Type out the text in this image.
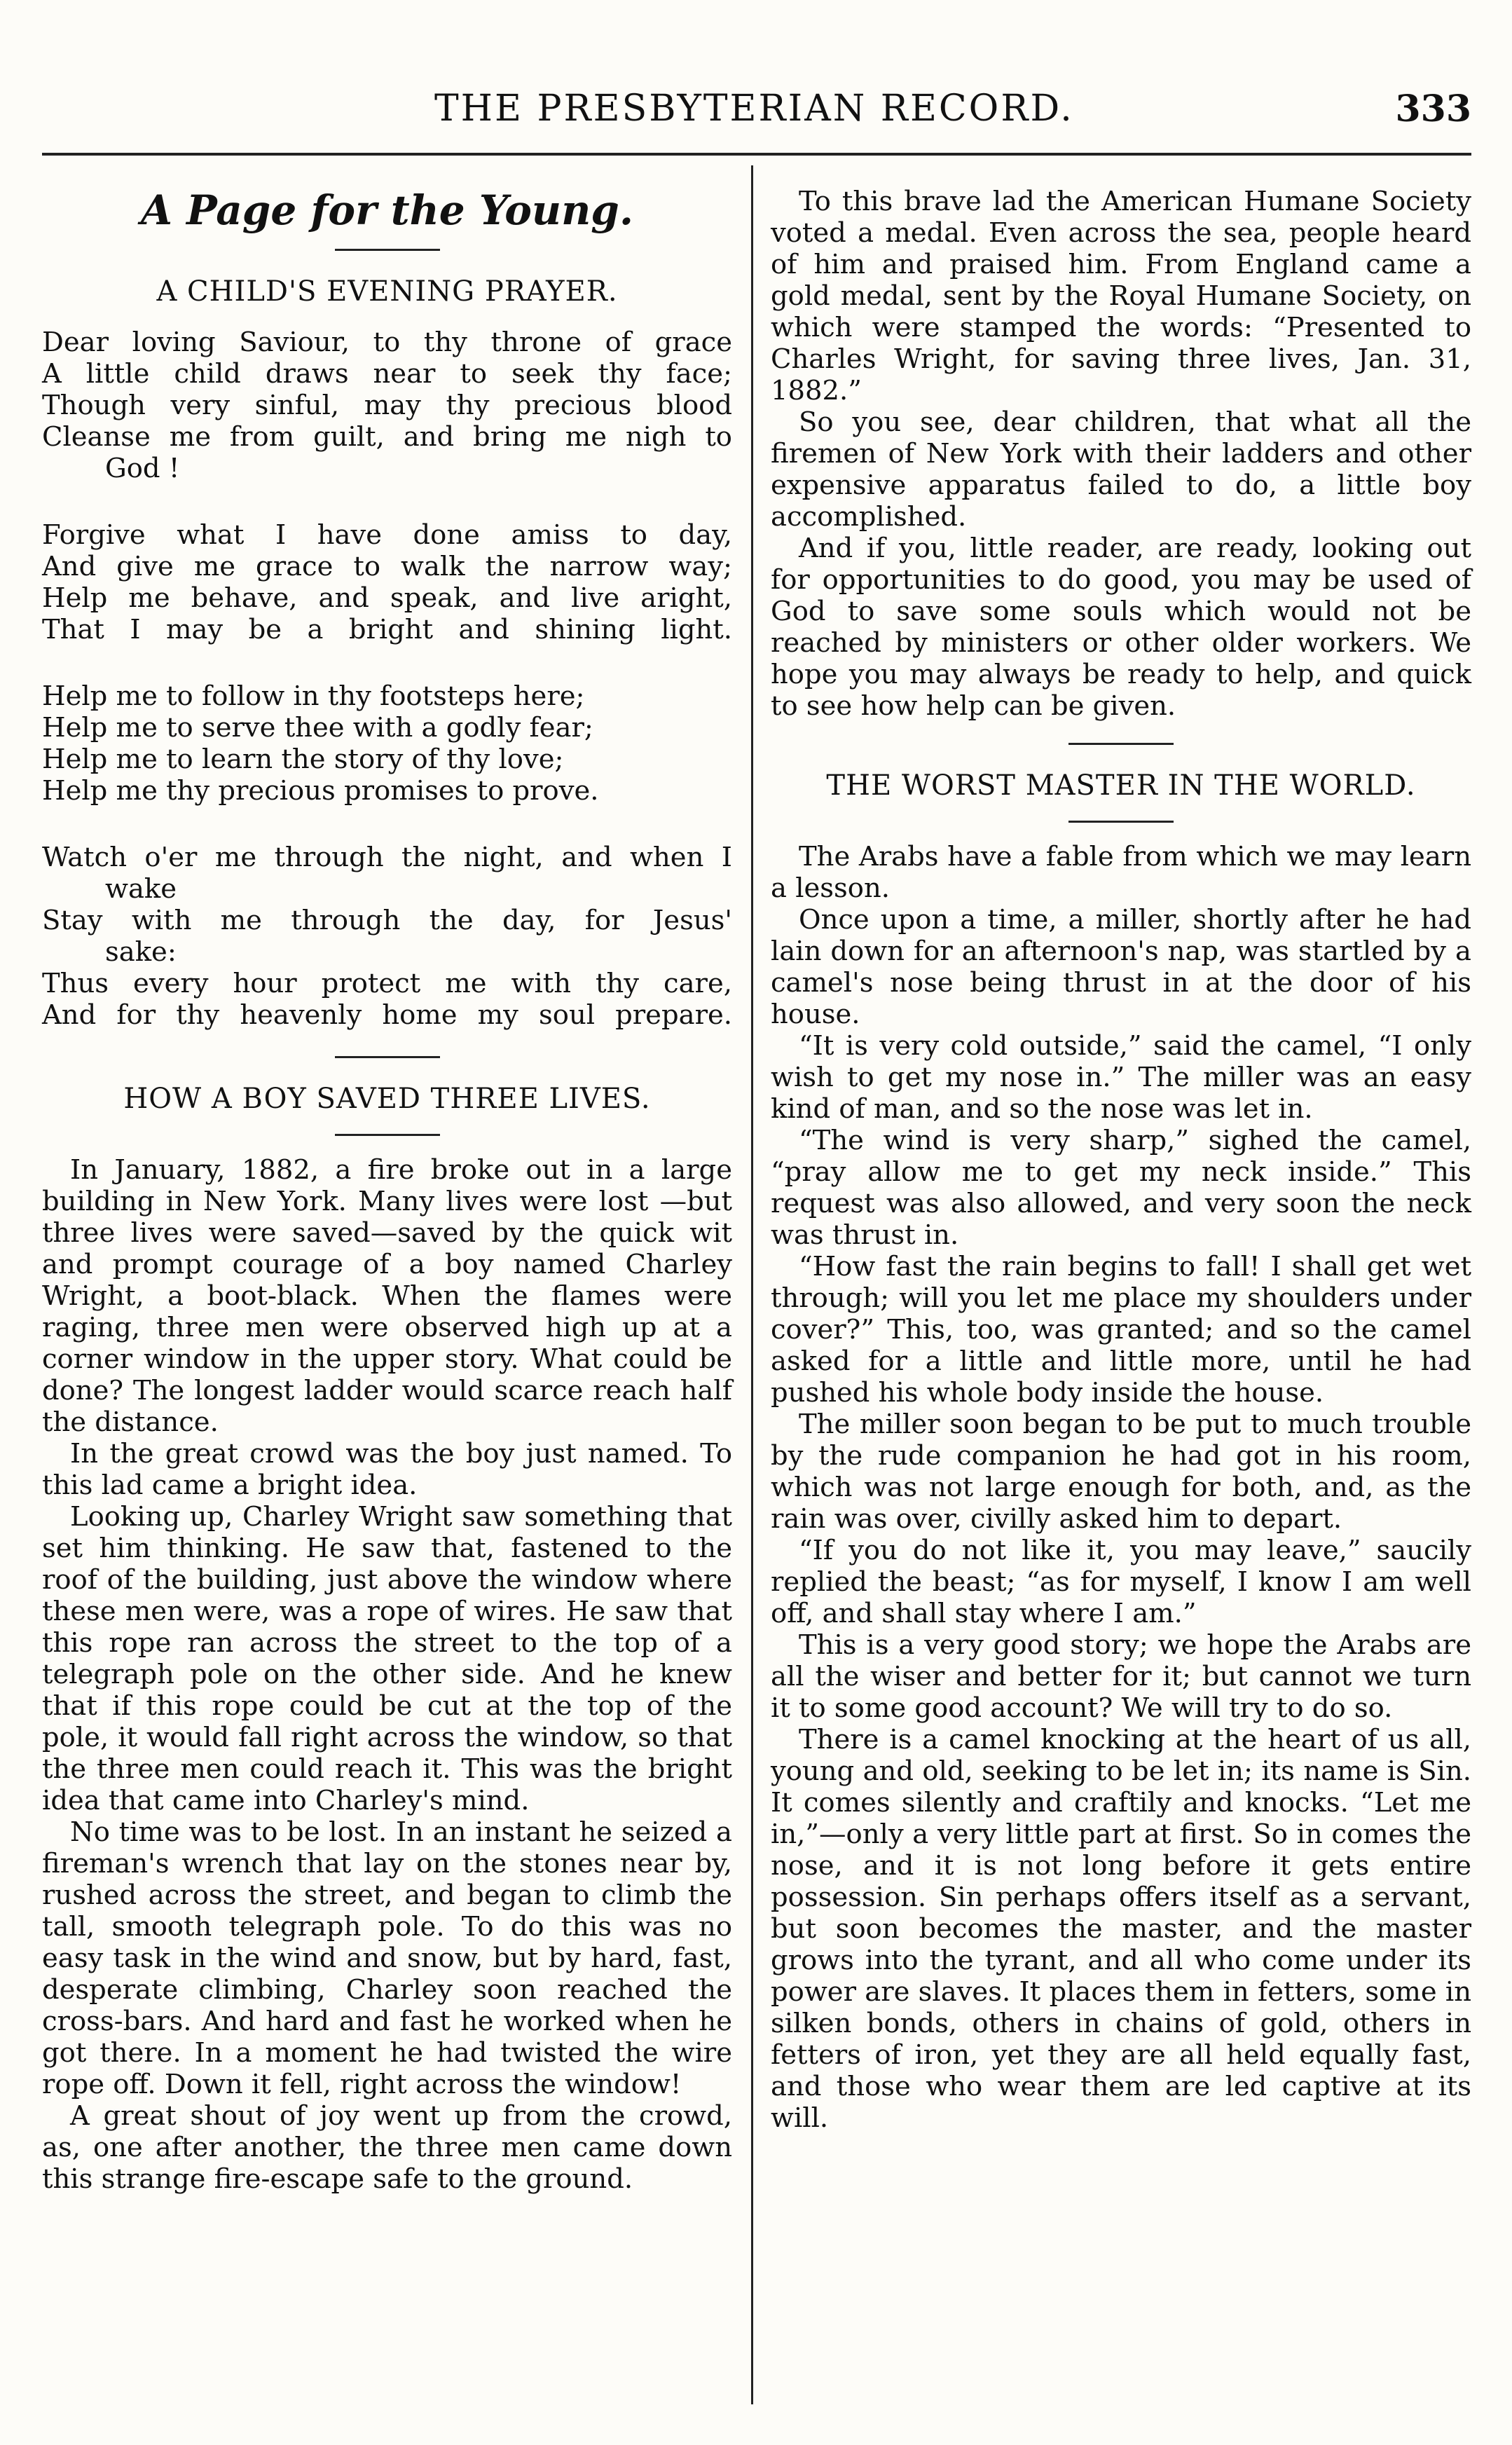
THE PRESBYTERIAN RECORD.	333
A Page for the Young.
A CHILD'S EVENING PRAYER.
Dear loving Saviour, to thy throne of grace
A little child draws near to seek thy face;
Though very sinful, may thy precious blood
Cleanse me from guilt, and bring me nigh to
God !
Forgive what I have done amiss to day,
And give me grace to walk the narrow way;
Help me behave, and speak, and live aright,
That I may be a bright and shining light.
Help me to follow in thy footsteps here;
Help me to serve thee with a godly fear;
Help me to learn the story of thy love;
Help me thy precious promises to prove.
Watch o'er me through the night, and when I
wake
Stay with me through the day, for Jesus'
sake:
Thus every hour protect me with thy care,
And for thy heavenly home my soul prepare.
HOW A BOY SAVED THREE LIVES.

In January, 1882, a fire broke out in a large building in New York. Many lives were lost —but three lives were saved—saved by the quick wit and prompt courage of a boy named Charley Wright, a boot-black. When the flames were raging, three men were observed high up at a corner window in the upper story. What could be done? The longest ladder would scarce reach half the distance.

In the great crowd was the boy just named. To this lad came a bright idea.

Looking up, Charley Wright saw something that set him thinking. He saw that, fastened to the roof of the building, just above the window where these men were, was a rope of wires. He saw that this rope ran across the street to the top of a telegraph pole on the other side. And he knew that if this rope could be cut at the top of the pole, it would fall right across the window, so that the three men could reach it. This was the bright idea that came into Charley's mind.

No time was to be lost. In an instant he seized a fireman's wrench that lay on the stones near by, rushed across the street, and began to climb the tall, smooth telegraph pole. To do this was no easy task in the wind and snow, but by hard, fast, desperate climbing, Charley soon reached the cross-bars. And hard and fast he worked when he got there. In a moment he had twisted the wire rope off. Down it fell, right across the window!

A great shout of joy went up from the crowd, as, one after another, the three men came down this strange fire-escape safe to the ground.

To this brave lad the American Humane Society voted a medal. Even across the sea, people heard of him and praised him. From England came a gold medal, sent by the Royal Humane Society, on which were stamped the words: “Presented to Charles Wright, for saving three lives, Jan. 31, 1882.”

So you see, dear children, that what all the firemen of New York with their ladders and other expensive apparatus failed to do, a little boy accomplished.

And if you, little reader, are ready, looking out for opportunities to do good, you may be used of God to save some souls which would not be reached by ministers or other older workers. We hope you may always be ready to help, and quick to see how help can be given.

THE WORST MASTER IN THE WORLD.

The Arabs have a fable from which we may learn a lesson.

Once upon a time, a miller, shortly after he had lain down for an afternoon's nap, was startled by a camel's nose being thrust in at the door of his house.

“It is very cold outside,” said the camel, “I only wish to get my nose in.” The miller was an easy kind of man, and so the nose was let in.

“The wind is very sharp,” sighed the camel, “pray allow me to get my neck inside.” This request was also allowed, and very soon the neck was thrust in.

“How fast the rain begins to fall! I shall get wet through; will you let me place my shoulders under cover?” This, too, was granted; and so the camel asked for a little and little more, until he had pushed his whole body inside the house.

The miller soon began to be put to much trouble by the rude companion he had got in his room, which was not large enough for both, and, as the rain was over, civilly asked him to depart.

“If you do not like it, you may leave,” saucily replied the beast; “as for myself, I know I am well off, and shall stay where I am.”

This is a very good story; we hope the Arabs are all the wiser and better for it; but cannot we turn it to some good account? We will try to do so.

There is a camel knocking at the heart of us all, young and old, seeking to be let in; its name is Sin. It comes silently and craftily and knocks. “Let me in,”—only a very little part at first. So in comes the nose, and it is not long before it gets entire possession. Sin perhaps offers itself as a servant, but soon becomes the master, and the master grows into the tyrant, and all who come under its power are slaves. It places them in fetters, some in silken bonds, others in chains of gold, others in fetters of iron, yet they are all held equally fast, and those who wear them are led captive at its will.
